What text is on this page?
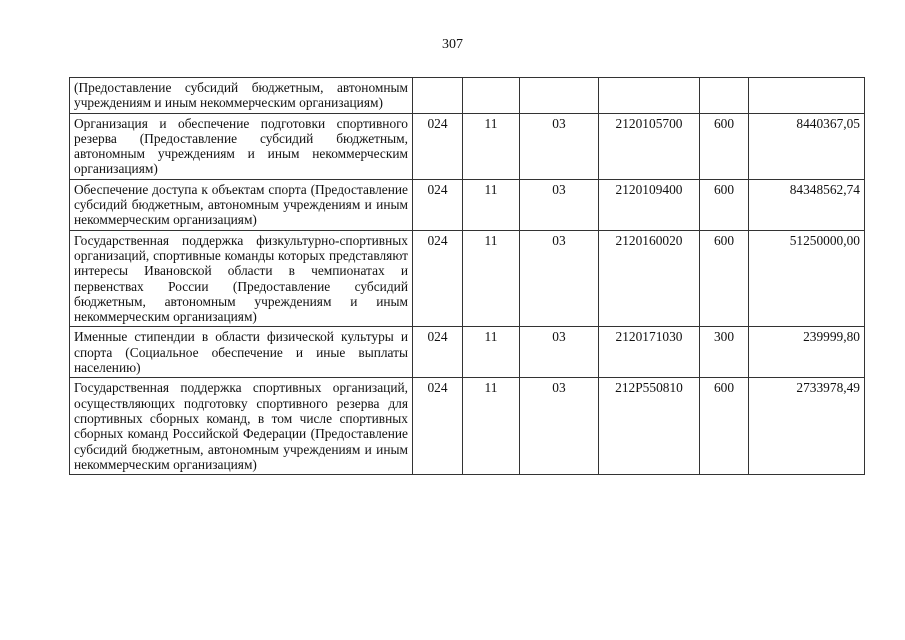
307
(Предоставление субсидий бюджетным, автономным учреждениям и иным некоммерческим организациям)						
Организация и обеспечение подготовки спортивного резерва (Предоставление субсидий бюджетным, автономным учреждениям и иным некоммерческим организациям)	024	11	03	2120105700	600	8440367,05
Обеспечение доступа к объектам спорта (Предоставление субсидий бюджетным, автономным учреждениям и иным некоммерческим организациям)	024	11	03	2120109400	600	84348562,74
Государственная поддержка физкультурно-спортивных организаций, спортивные команды которых представляют интересы Ивановской области в чемпионатах и первенствах России (Предоставление субсидий бюджетным, автономным учреждениям и иным некоммерческим организациям)	024	11	03	2120160020	600	51250000,00
Именные стипендии в области физической культуры и спорта (Социальное обеспечение и иные выплаты населению)	024	11	03	2120171030	300	239999,80
Государственная поддержка спортивных организаций, осуществляющих подготовку спортивного резерва для спортивных сборных команд, в том числе спортивных сборных команд Российской Федерации (Предоставление субсидий бюджетным, автономным учреждениям и иным некоммерческим организациям)	024	11	03	212P550810	600	2733978,49
